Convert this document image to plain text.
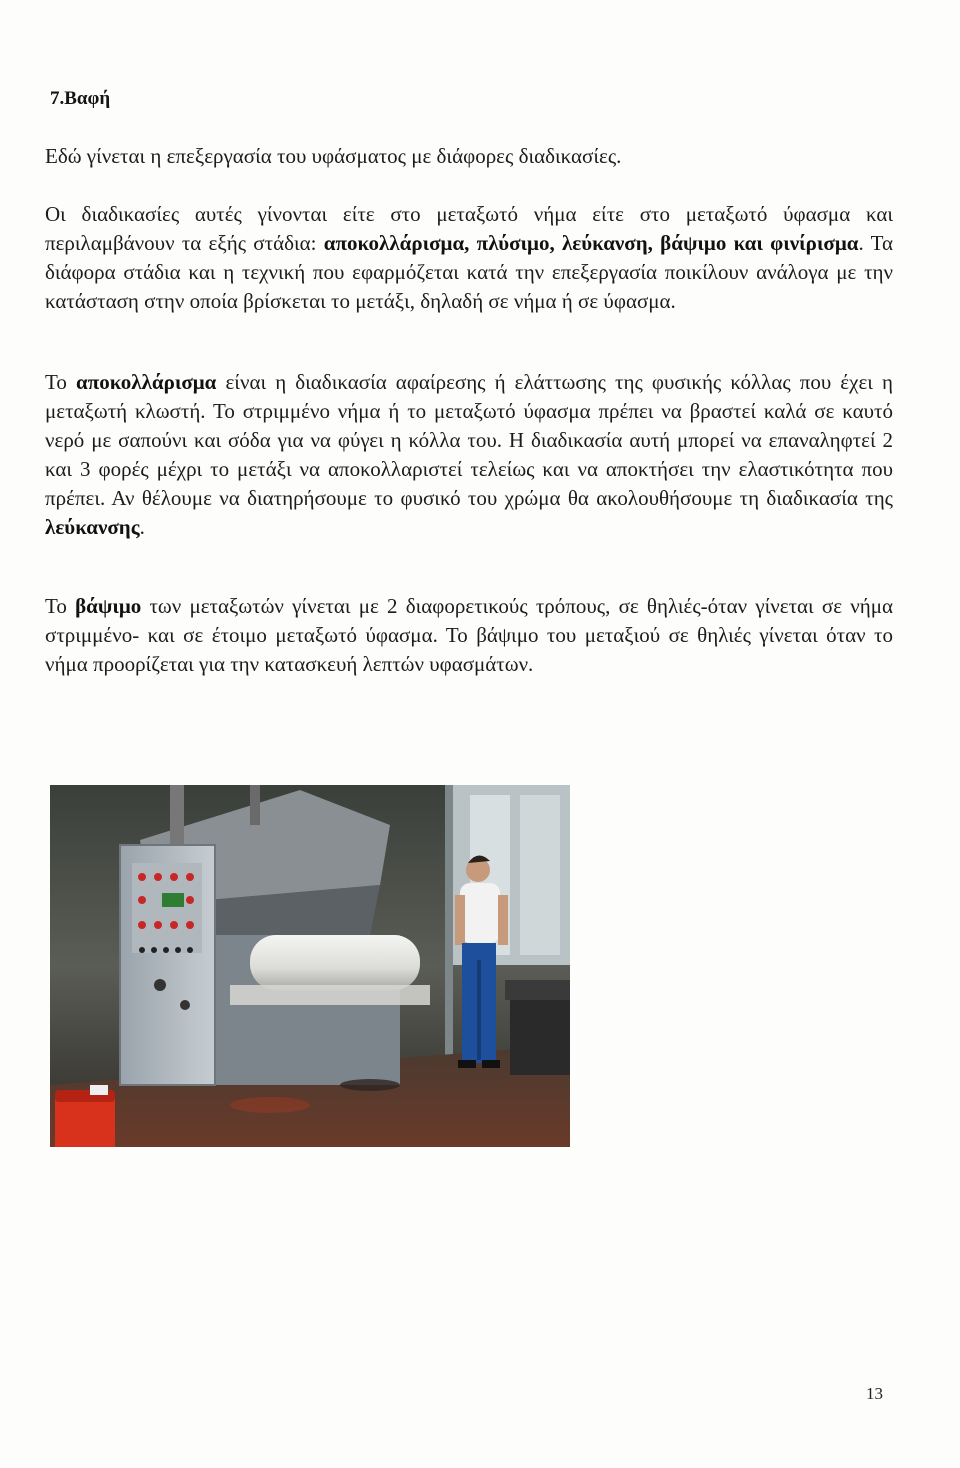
7.Βαφή
Εδώ γίνεται η επεξεργασία του υφάσματος με διάφορες διαδικασίες.
Οι διαδικασίες αυτές γίνονται είτε στο μεταξωτό νήμα είτε στο μεταξωτό ύφασμα και περιλαμβάνουν τα εξής στάδια: αποκολλάρισμα, πλύσιμο, λεύκανση, βάψιμο και φινίρισμα. Τα διάφορα στάδια και η τεχνική που εφαρμόζεται κατά την επεξεργασία ποικίλουν ανάλογα με την κατάσταση στην οποία βρίσκεται το μετάξι, δηλαδή σε νήμα ή σε ύφασμα.
Το αποκολλάρισμα είναι η διαδικασία αφαίρεσης ή ελάττωσης της φυσικής κόλλας που έχει η μεταξωτή κλωστή. Το στριμμένο νήμα ή το μεταξωτό ύφασμα πρέπει να βραστεί καλά σε καυτό νερό με σαπούνι και σόδα για να φύγει η κόλλα του. Η διαδικασία αυτή μπορεί να επαναληφτεί 2 και 3 φορές μέχρι το μετάξι να αποκολλαριστεί τελείως και να αποκτήσει την ελαστικότητα που πρέπει. Αν θέλουμε να διατηρήσουμε το φυσικό του χρώμα θα ακολουθήσουμε τη διαδικασία της λεύκανσης.
Το βάψιμο των μεταξωτών γίνεται με 2 διαφορετικούς τρόπους, σε θηλιές-όταν γίνεται σε νήμα στριμμένο- και σε έτοιμο μεταξωτό ύφασμα. Το βάψιμο του μεταξιού σε θηλιές γίνεται όταν το νήμα προορίζεται για την κατασκευή λεπτών υφασμάτων.
13
